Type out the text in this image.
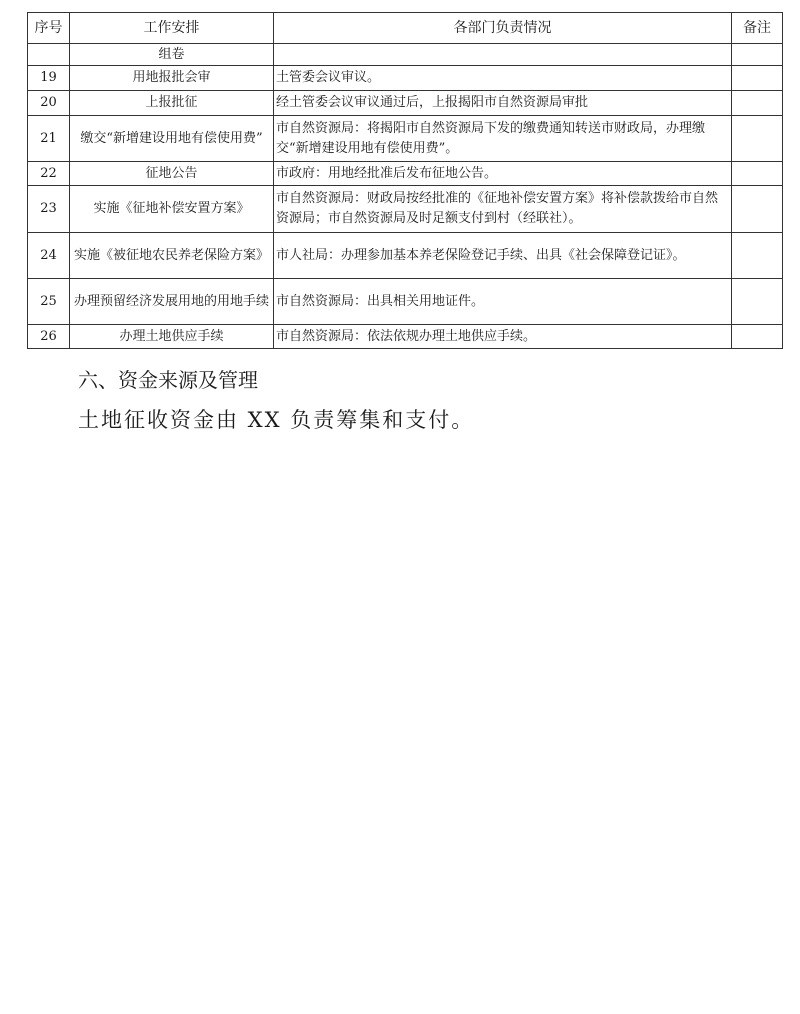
序号	工作安排	各部门负责情况	备注
	组卷		
19	用地报批会审	土管委会议审议。	
20	上报批征	经土管委会议审议通过后，上报揭阳市自然资源局审批	
21	缴交“新增建设用地有偿使用费”	市自然资源局：将揭阳市自然资源局下发的缴费通知转送市财政局，办理缴交“新增建设用地有偿使用费”。	
22	征地公告	市政府：用地经批准后发布征地公告。	
23	实施《征地补偿安置方案》	市自然资源局：财政局按经批准的《征地补偿安置方案》将补偿款拨给市自然资源局；市自然资源局及时足额支付到村（经联社）。	
24	实施《被征地农民养老保险方案》	市人社局：办理参加基本养老保险登记手续、出具《社会保障登记证》。	
25	办理预留经济发展用地的用地手续	市自然资源局：出具相关用地证件。	
26	办理土地供应手续	市自然资源局：依法依规办理土地供应手续。	
六、资金来源及管理

土地征收资金由 XX 负责筹集和支付。
